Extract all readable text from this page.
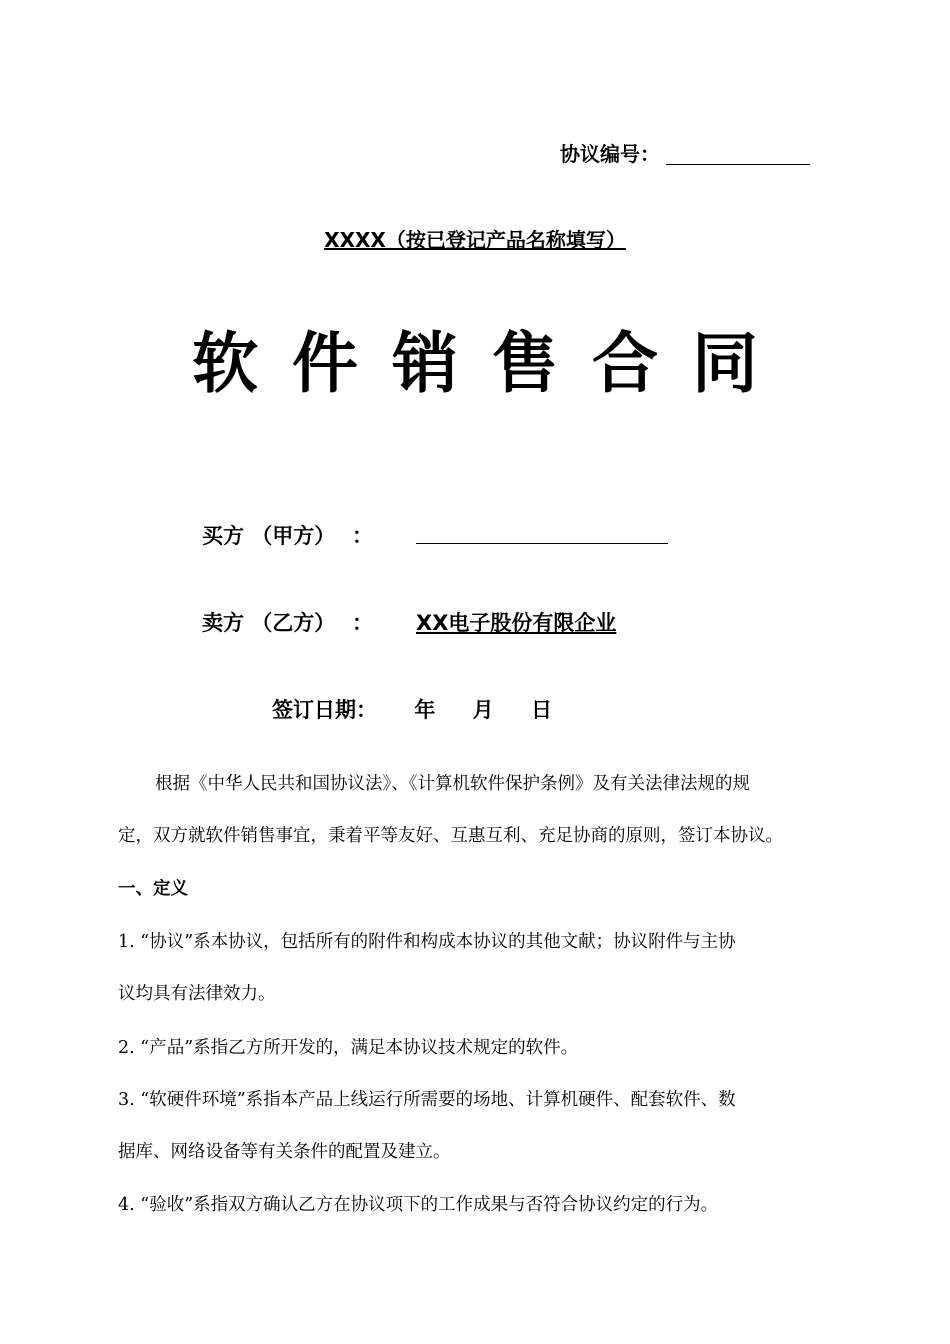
协议编号：
XXXX（按已登记产品名称填写）
软件销售合同
买方 （甲方） ：
卖方 （乙方） ： XX电子股份有限企业
签订日期： 年 月 日
根据《中华人民共和国协议法》、《计算机软件保护条例》及有关法律法规的规
定，双方就软件销售事宜，秉着平等友好、互惠互利、充足协商的原则，签订本协议。
一、定义
1. “协议”系本协议，包括所有的附件和构成本协议的其他文献；协议附件与主协
议均具有法律效力。
2. “产品”系指乙方所开发的，满足本协议技术规定的软件。
3. “软硬件环境”系指本产品上线运行所需要的场地、计算机硬件、配套软件、数
据库、网络设备等有关条件的配置及建立。
4. “验收”系指双方确认乙方在协议项下的工作成果与否符合协议约定的行为。
